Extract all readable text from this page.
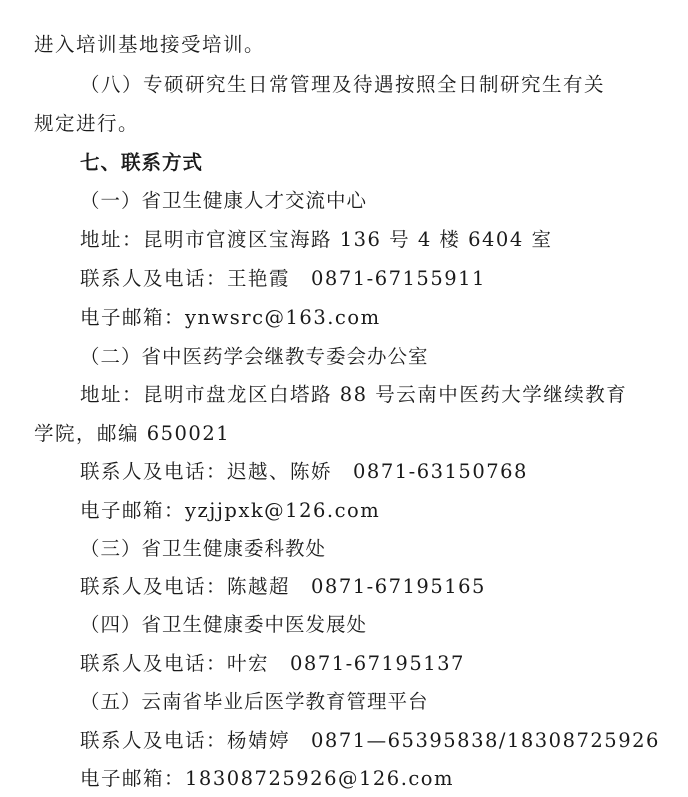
进入培训基地接受培训。
（八）专硕研究生日常管理及待遇按照全日制研究生有关
规定进行。
七、联系方式
（一）省卫生健康人才交流中心
地址：昆明市官渡区宝海路 136 号 4 楼 6404 室
联系人及电话：王艳霞　0871-67155911
电子邮箱：ynwsrc@163.com
（二）省中医药学会继教专委会办公室
地址：昆明市盘龙区白塔路 88 号云南中医药大学继续教育
学院，邮编 650021
联系人及电话：迟越、陈娇　0871-63150768
电子邮箱：yzjjpxk@126.com
（三）省卫生健康委科教处
联系人及电话：陈越超　0871-67195165
（四）省卫生健康委中医发展处
联系人及电话：叶宏　0871-67195137
（五）云南省毕业后医学教育管理平台
联系人及电话：杨婧婷　0871—65395838/18308725926
电子邮箱：18308725926@126.com
